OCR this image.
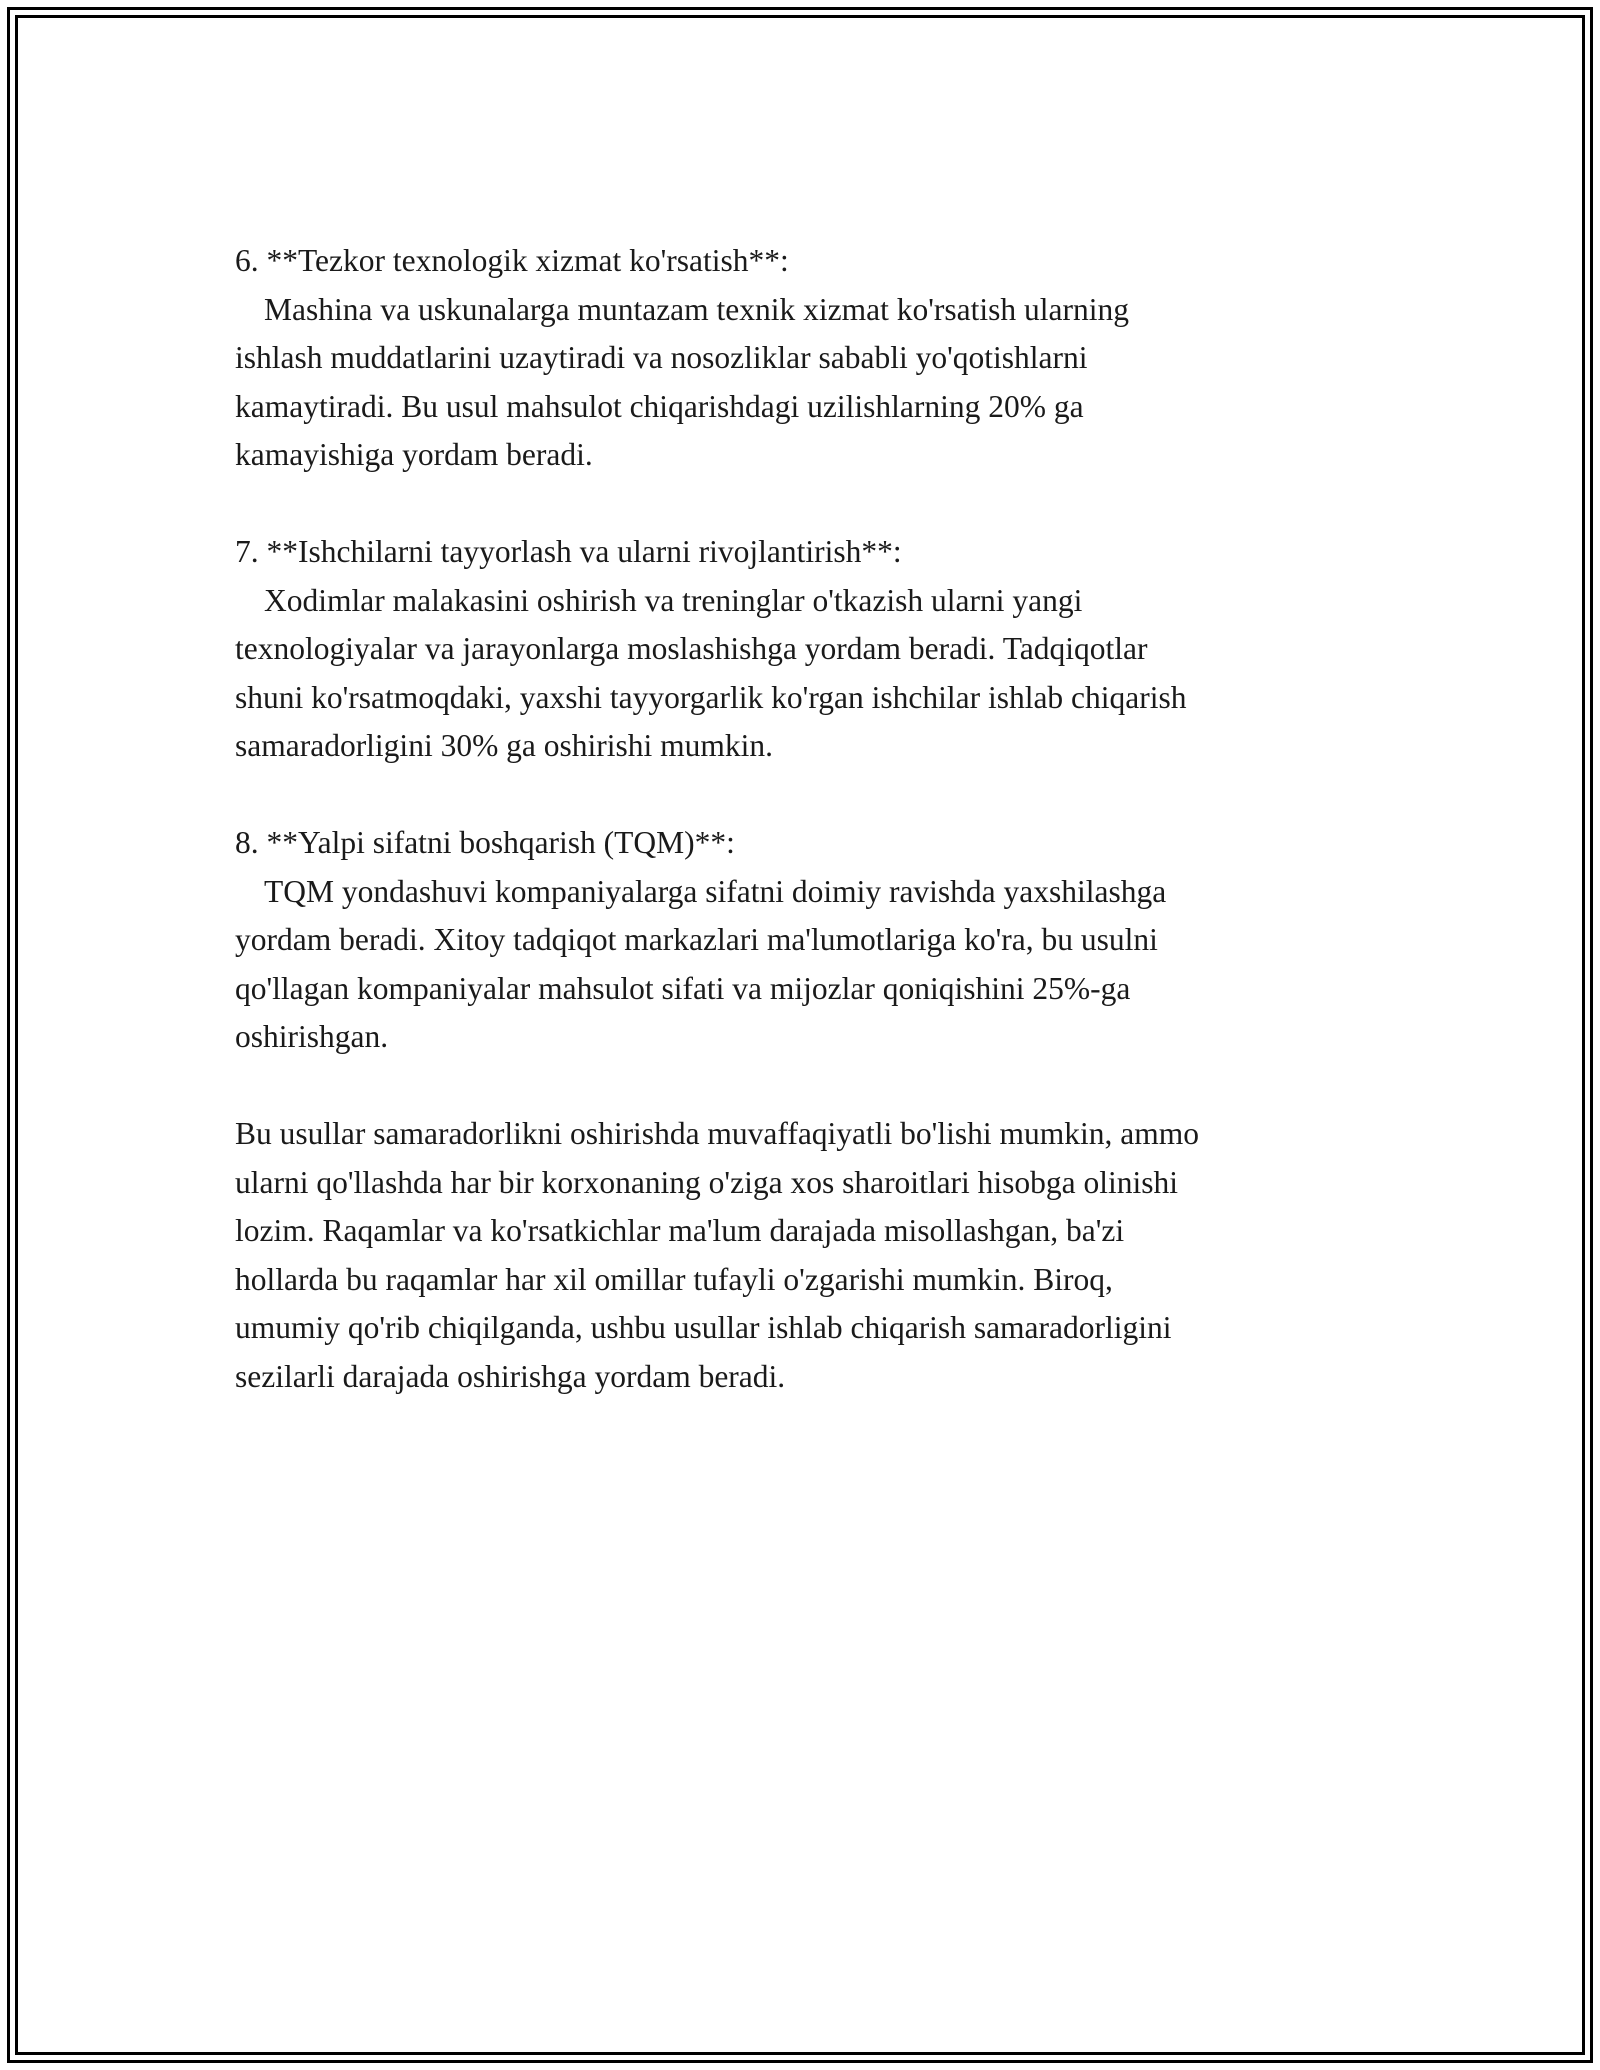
6. **Tezkor texnologik xizmat ko'rsatish**:
Mashina va uskunalarga muntazam texnik xizmat ko'rsatish ularning
ishlash muddatlarini uzaytiradi va nosozliklar sababli yo'qotishlarni
kamaytiradi. Bu usul mahsulot chiqarishdagi uzilishlarning 20% ga
kamayishiga yordam beradi.
7. **Ishchilarni tayyorlash va ularni rivojlantirish**:
Xodimlar malakasini oshirish va treninglar o'tkazish ularni yangi
texnologiyalar va jarayonlarga moslashishga yordam beradi. Tadqiqotlar
shuni ko'rsatmoqdaki, yaxshi tayyorgarlik ko'rgan ishchilar ishlab chiqarish
samaradorligini 30% ga oshirishi mumkin.
8. **Yalpi sifatni boshqarish (TQM)**:
TQM yondashuvi kompaniyalarga sifatni doimiy ravishda yaxshilashga
yordam beradi. Xitoy tadqiqot markazlari ma'lumotlariga ko'ra, bu usulni
qo'llagan kompaniyalar mahsulot sifati va mijozlar qoniqishini 25%-ga
oshirishgan.
Bu usullar samaradorlikni oshirishda muvaffaqiyatli bo'lishi mumkin, ammo
ularni qo'llashda har bir korxonaning o'ziga xos sharoitlari hisobga olinishi
lozim. Raqamlar va ko'rsatkichlar ma'lum darajada misollashgan, ba'zi
hollarda bu raqamlar har xil omillar tufayli o'zgarishi mumkin. Biroq,
umumiy qo'rib chiqilganda, ushbu usullar ishlab chiqarish samaradorligini
sezilarli darajada oshirishga yordam beradi.
